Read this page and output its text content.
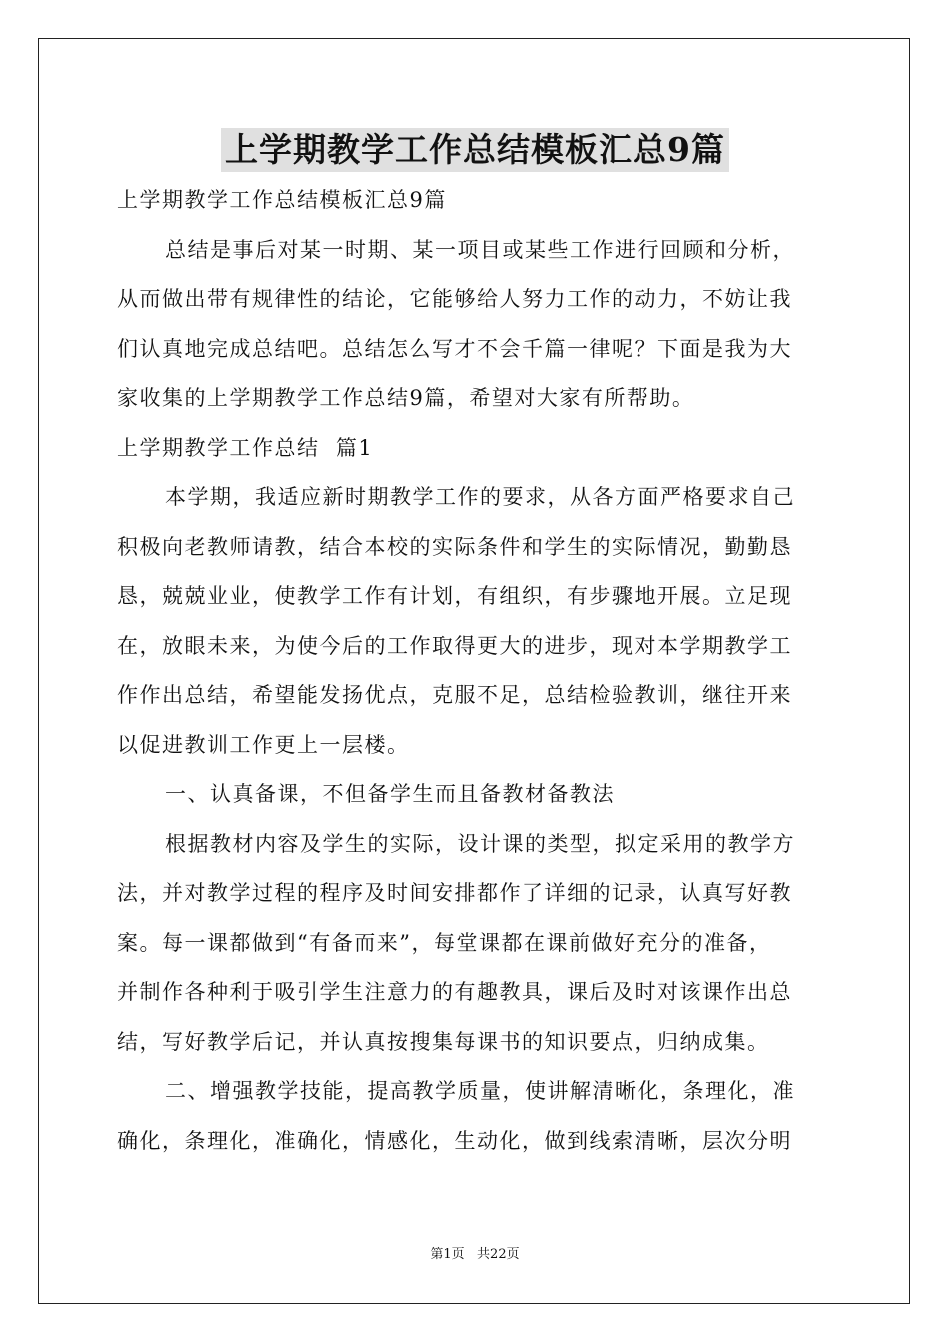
上学期教学工作总结模板汇总9篇
上学期教学工作总结模板汇总9篇
总结是事后对某一时期、某一项目或某些工作进行回顾和分析，
从而做出带有规律性的结论，它能够给人努力工作的动力，不妨让我
们认真地完成总结吧。总结怎么写才不会千篇一律呢？下面是我为大
家收集的上学期教学工作总结9篇，希望对大家有所帮助。
上学期教学工作总结  篇1
本学期，我适应新时期教学工作的要求，从各方面严格要求自己
积极向老教师请教，结合本校的实际条件和学生的实际情况，勤勤恳
恳，兢兢业业，使教学工作有计划，有组织，有步骤地开展。立足现
在，放眼未来，为使今后的工作取得更大的进步，现对本学期教学工
作作出总结，希望能发扬优点，克服不足，总结检验教训，继往开来
以促进教训工作更上一层楼。
一、认真备课，不但备学生而且备教材备教法
根据教材内容及学生的实际，设计课的类型，拟定采用的教学方
法，并对教学过程的程序及时间安排都作了详细的记录，认真写好教
案。每一课都做到“有备而来”，每堂课都在课前做好充分的准备，
并制作各种利于吸引学生注意力的有趣教具，课后及时对该课作出总
结，写好教学后记，并认真按搜集每课书的知识要点，归纳成集。
二、增强教学技能，提高教学质量，使讲解清晰化，条理化，准
确化，条理化，准确化，情感化，生动化，做到线索清晰，层次分明
第1页   共22页
